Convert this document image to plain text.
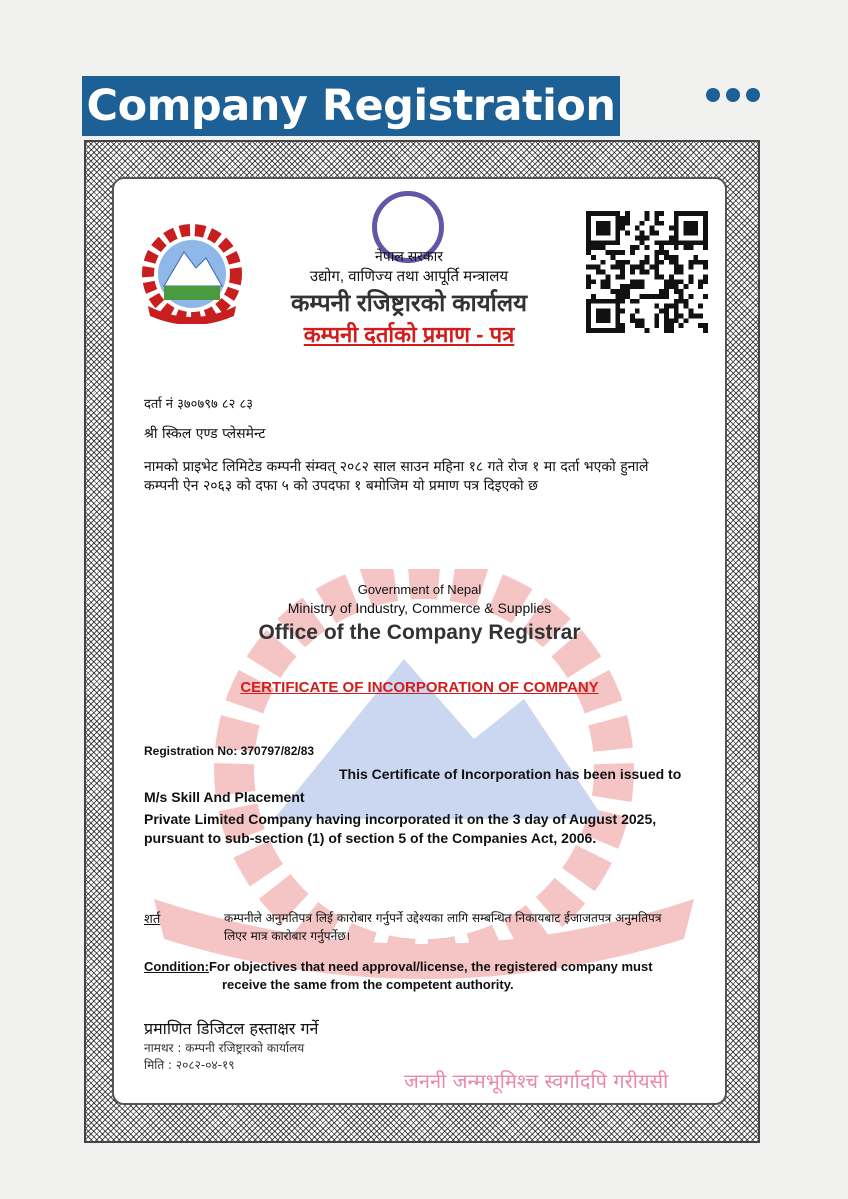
Company Registration
जननी जन्मभूमिश्च स्वर्गादपि गरीयसी
नेपाल सरकार
उद्योग, वाणिज्य तथा आपूर्ति मन्त्रालय
कम्पनी रजिष्ट्रारको कार्यालय
कम्पनी दर्ताको प्रमाण - पत्र
दर्ता नं ३७०७९७ ८२ ८३
श्री स्किल एण्ड प्लेसमेन्ट
नामको प्राइभेट लिमिटेड कम्पनी संम्वत् २०८२ साल साउन महिना १८ गते रोज १ मा दर्ता भएको हुनाले
कम्पनी ऐन २०६३ को दफा ५ को उपदफा १ बमोजिम यो प्रमाण पत्र दिइएको छ
Government of Nepal
Ministry of Industry, Commerce & Supplies
Office of the Company Registrar
CERTIFICATE OF INCORPORATION OF COMPANY
Registration No: 370797/82/83
This Certificate of Incorporation has been issued to
M/s Skill And Placement
Private Limited Company having incorporated it on the 3 day of August 2025,
pursuant to sub-section (1) of section 5 of the Companies Act, 2006.
शर्त	कम्पनीले अनुमतिपत्र लिई कारोबार गर्नुपर्ने उद्देश्यका लागि सम्बन्धित निकायबाट ईजाजतपत्र अनुमतिपत्र
लिएर मात्र कारोबार गर्नुपर्नेछ।
Condition:For objectives that need approval/license, the registered company must
receive the same from the competent authority.
प्रमाणित डिजिटल हस्ताक्षर गर्ने
नामथर : कम्पनी रजिष्ट्रारको कार्यालय
मिति : २०८२-०४-१९
